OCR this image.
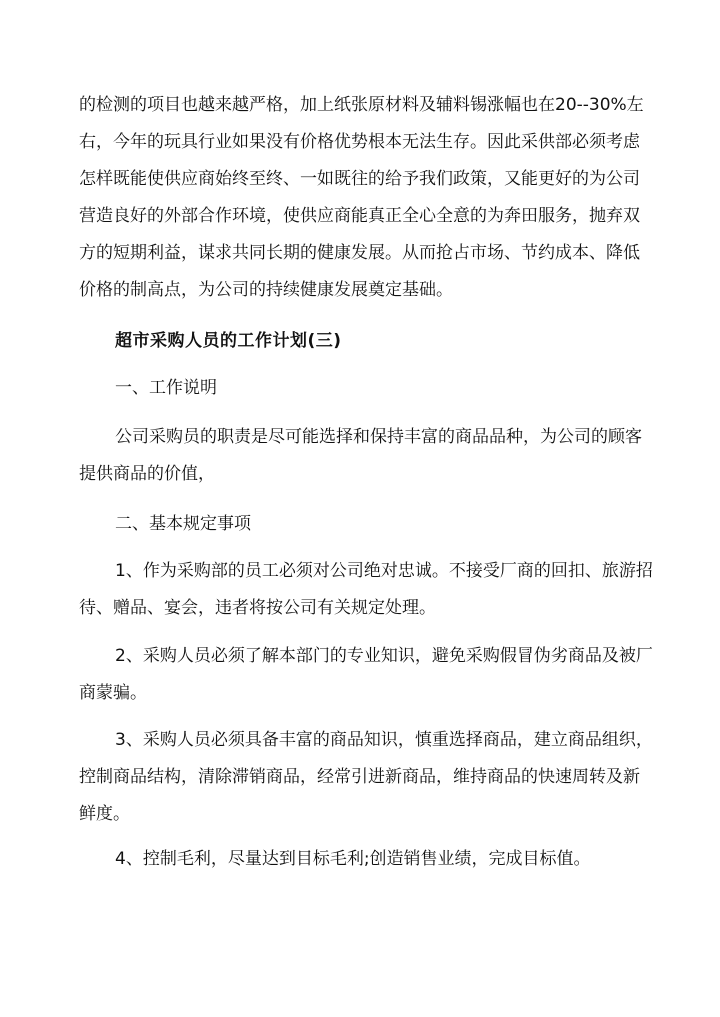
的检测的项目也越来越严格，加上纸张原材料及辅料锡涨幅也在20--30%左
右，今年的玩具行业如果没有价格优势根本无法生存。因此采供部必须考虑
怎样既能使供应商始终至终、一如既往的给予我们政策，又能更好的为公司
营造良好的外部合作环境，使供应商能真正全心全意的为奔田服务，抛弃双
方的短期利益，谋求共同长期的健康发展。从而抢占市场、节约成本、降低
价格的制高点，为公司的持续健康发展奠定基础。
超市采购人员的工作计划(三)
一、工作说明
公司采购员的职责是尽可能选择和保持丰富的商品品种，为公司的顾客
提供商品的价值，
二、基本规定事项
1、作为采购部的员工必须对公司绝对忠诚。不接受厂商的回扣、旅游招
待、赠品、宴会，违者将按公司有关规定处理。
2、采购人员必须了解本部门的专业知识，避免采购假冒伪劣商品及被厂
商蒙骗。
3、采购人员必须具备丰富的商品知识，慎重选择商品，建立商品组织，
控制商品结构，清除滞销商品，经常引进新商品，维持商品的快速周转及新
鲜度。
4、控制毛利，尽量达到目标毛利;创造销售业绩，完成目标值。
